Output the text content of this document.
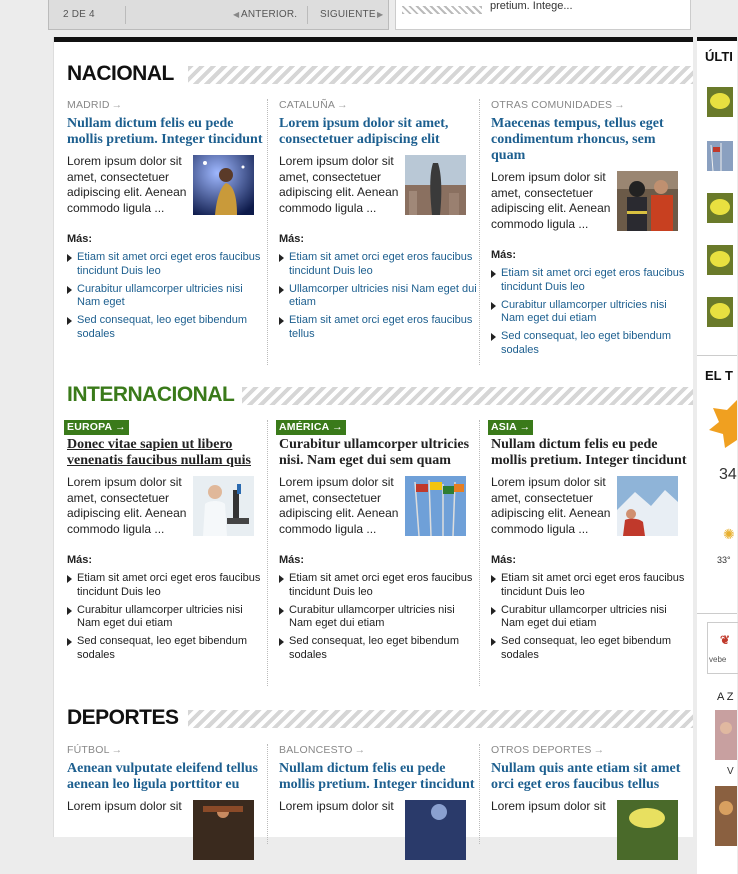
2 DE 4	◀ ANTERIOR. SIGUIENTE ▶
pretium. Intege...
NACIONAL
MADRID →
Nullam dictum felis eu pede mollis pretium. Integer tincidunt
Lorem ipsum dolor sit amet, consectetuer adipiscing elit. Aenean commodo ligula ...
Más:
Etiam sit amet orci eget eros faucibus tincidunt Duis leo
Curabitur ullamcorper ultricies nisi Nam eget
Sed consequat, leo eget bibendum sodales
CATALUÑA →
Lorem ipsum dolor sit amet, consectetuer adipiscing elit
Lorem ipsum dolor sit amet, consectetuer adipiscing elit. Aenean commodo ligula ...
Más:
Etiam sit amet orci eget eros faucibus tincidunt Duis leo
Ullamcorper ultricies nisi Nam eget dui etiam
Etiam sit amet orci eget eros faucibus tellus
OTRAS COMUNIDADES →
Maecenas tempus, tellus eget condimentum rhoncus, sem quam
Lorem ipsum dolor sit amet, consectetuer adipiscing elit. Aenean commodo ligula ...
Más:
Etiam sit amet orci eget eros faucibus tincidunt Duis leo
Curabitur ullamcorper ultricies nisi Nam eget dui etiam
Sed consequat, leo eget bibendum sodales
INTERNACIONAL
EUROPA →
Donec vitae sapien ut libero venenatis faucibus nullam quis
Lorem ipsum dolor sit amet, consectetuer adipiscing elit. Aenean commodo ligula ...
Más:
Etiam sit amet orci eget eros faucibus tincidunt Duis leo
Curabitur ullamcorper ultricies nisi Nam eget dui etiam
Sed consequat, leo eget bibendum sodales
AMÉRICA →
Curabitur ullamcorper ultricies nisi. Nam eget dui sem quam
Lorem ipsum dolor sit amet, consectetuer adipiscing elit. Aenean commodo ligula ...
Más:
Etiam sit amet orci eget eros faucibus tincidunt Duis leo
Curabitur ullamcorper ultricies nisi Nam eget dui etiam
Sed consequat, leo eget bibendum sodales
ASIA →
Nullam dictum felis eu pede mollis pretium. Integer tincidunt
Lorem ipsum dolor sit amet, consectetuer adipiscing elit. Aenean commodo ligula ...
Más:
Etiam sit amet orci eget eros faucibus tincidunt Duis leo
Curabitur ullamcorper ultricies nisi Nam eget dui etiam
Sed consequat, leo eget bibendum sodales
DEPORTES
FÚTBOL →
Aenean vulputate eleifend tellus aenean leo ligula porttitor eu
Lorem ipsum dolor sit
BALONCESTO →
Nullam dictum felis eu pede mollis pretium. Integer tincidunt
Lorem ipsum dolor sit
OTROS DEPORTES →
Nullam quis ante etiam sit amet orci eget eros faucibus tellus
Lorem ipsum dolor sit
ÚLTI
EL T
34
✺
33°
❦
vebe
A Z
V
